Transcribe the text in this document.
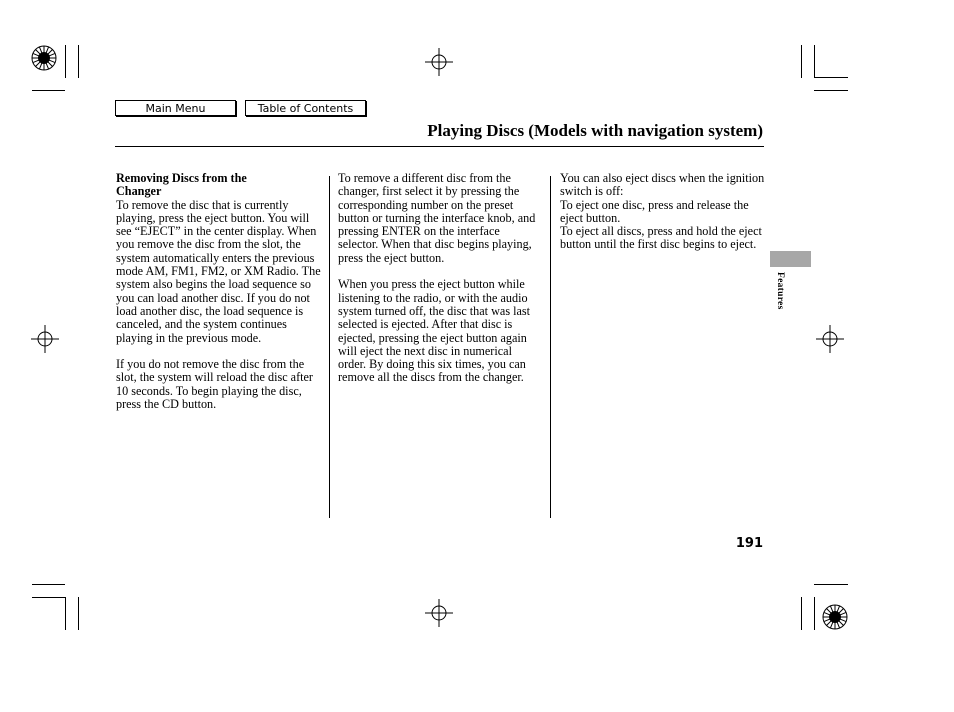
Main Menu	Table of Contents
Playing Discs (Models with navigation system)
Removing Discs from the
Changer

To remove the disc that is currently playing, press the eject button. You will see “EJECT” in the center display. When you remove the disc from the slot, the system automatically enters the previous mode AM, FM1, FM2, or XM Radio. The system also begins the load sequence so you can load another disc. If you do not load another disc, the load sequence is canceled, and the system continues playing in the previous mode.

If you do not remove the disc from the slot, the system will reload the disc after 10 seconds. To begin playing the disc, press the CD button.

To remove a different disc from the changer, first select it by pressing the corresponding number on the preset button or turning the interface knob, and pressing ENTER on the interface selector. When that disc begins playing, press the eject button.

When you press the eject button while listening to the radio, or with the audio system turned off, the disc that was last selected is ejected. After that disc is ejected, pressing the eject button again will eject the next disc in numerical order. By doing this six times, you can remove all the discs from the changer.

You can also eject discs when the ignition switch is off:

To eject one disc, press and release the eject button.

To eject all discs, press and hold the eject button until the first disc begins to eject.

Features
191
